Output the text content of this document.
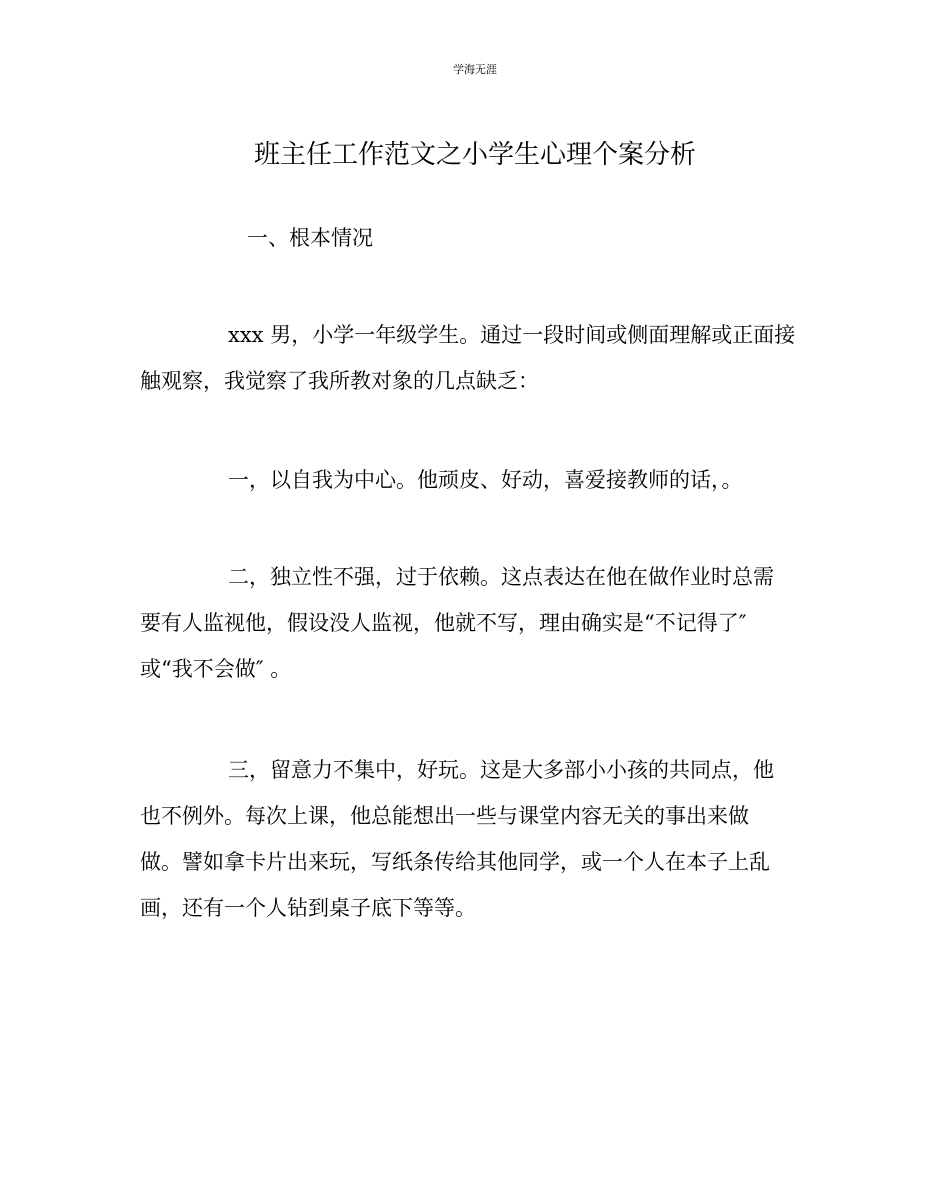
学海无涯
班主任工作范文之小学生心理个案分析
一、根本情况
xxx 男，小学一年级学生。通过一段时间或侧面理解或正面接
触观察，我觉察了我所教对象的几点缺乏：
一，以自我为中心。他顽皮、好动，喜爱接教师的话，。
二，独立性不强，过于依赖。这点表达在他在做作业时总需
要有人监视他，假设没人监视，他就不写，理由确实是“不记得了″
或“我不会做″ 。
三，留意力不集中，好玩。这是大多部小小孩的共同点，他
也不例外。每次上课，他总能想出一些与课堂内容无关的事出来做
做。譬如拿卡片出来玩，写纸条传给其他同学，或一个人在本子上乱
画，还有一个人钻到桌子底下等等。
